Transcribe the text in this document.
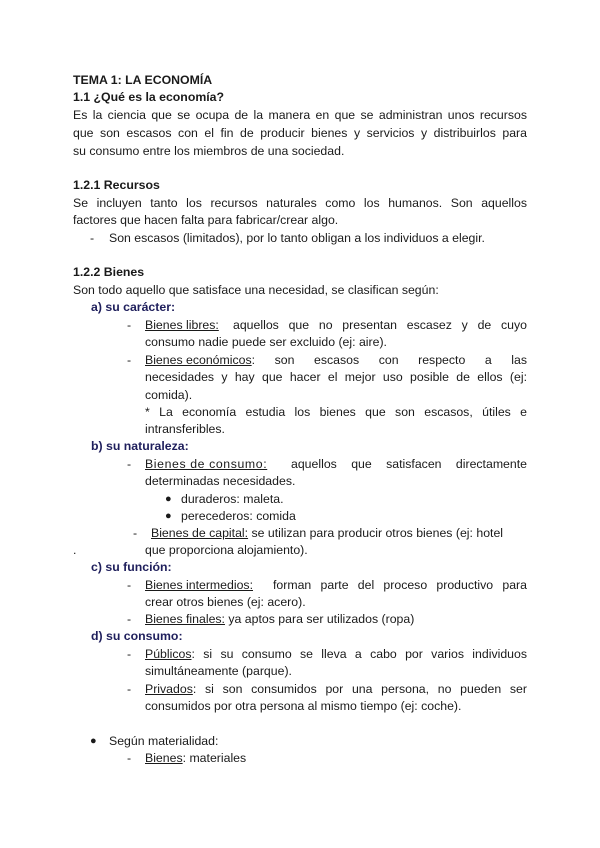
TEMA 1: LA ECONOMÍA
1.1 ¿Qué es la economía?
Es la ciencia que se ocupa de la manera en que se administran unos recursos
que son escasos con el fin de producir bienes y servicios y distribuirlos para
su consumo entre los miembros de una sociedad.
1.2.1 Recursos
Se incluyen tanto los recursos naturales como los humanos. Son aquellos
factores que hacen falta para fabricar/crear algo.
- Son escasos (limitados), por lo tanto obligan a los individuos a elegir.
1.2.2 Bienes
Son todo aquello que satisface una necesidad, se clasifican según:
a) su carácter:
- Bienes libres: aquellos que no presentan escasez y de cuyo
consumo nadie puede ser excluido (ej: aire).
- Bienes económicos : son escasos con respecto a las
necesidades y hay que hacer el mejor uso posible de ellos (ej:
comida).
* La economía estudia los bienes que son escasos, útiles e
intransferibles.
b) su naturaleza:
- Bienes de consumo: aquellos que satisfacen directamente
determinadas necesidades.
● duraderos: maleta.
● perecederos: comida
- Bienes de capital: se utilizan para producir otros bienes (ej: hotel
.	que proporciona alojamiento).
c) su función:
- Bienes intermedios: forman parte del proceso productivo para
crear otros bienes (ej: acero).
- Bienes finales: ya aptos para ser utilizados (ropa)
d) su consumo:
- Públicos : si su consumo se lleva a cabo por varios individuos
simultáneamente (parque).
- Privados : si son consumidos por una persona, no pueden ser
consumidos por otra persona al mismo tiempo (ej: coche).
● Según materialidad:
- Bienes: materiales
